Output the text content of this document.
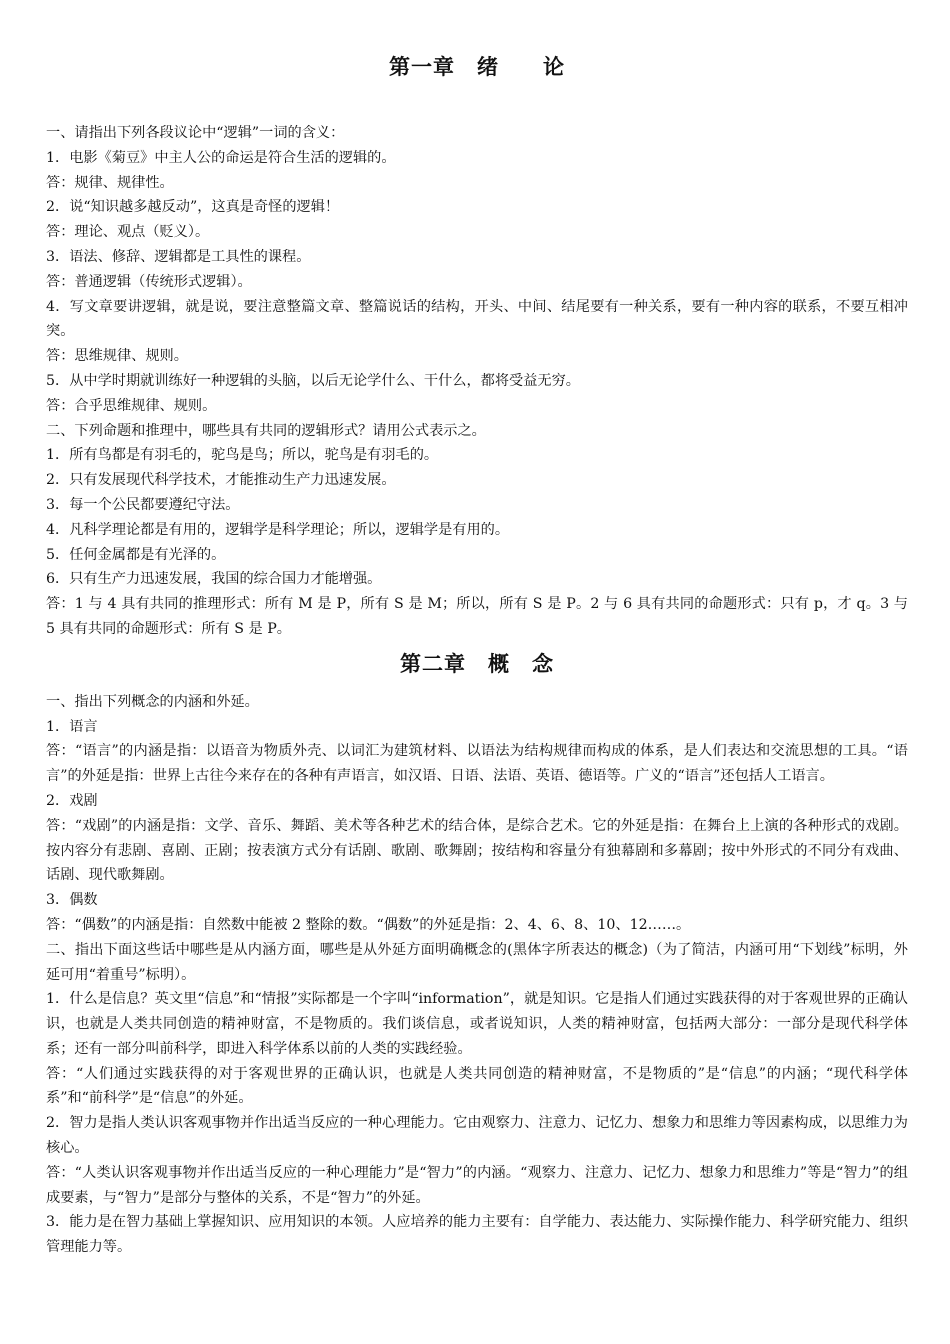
第一章　绪　　论

一、请指出下列各段议论中“逻辑”一词的含义：

1．电影《菊豆》中主人公的命运是符合生活的逻辑的。

答：规律、规律性。

2．说“知识越多越反动”，这真是奇怪的逻辑！

答：理论、观点（贬义）。

3．语法、修辞、逻辑都是工具性的课程。

答：普通逻辑（传统形式逻辑）。

4．写文章要讲逻辑，就是说，要注意整篇文章、整篇说话的结构，开头、中间、结尾要有一种关系，要有一种内容的联系，不要互相冲突。

答：思维规律、规则。

5．从中学时期就训练好一种逻辑的头脑，以后无论学什么、干什么，都将受益无穷。

答：合乎思维规律、规则。

二、下列命题和推理中，哪些具有共同的逻辑形式？请用公式表示之。

1．所有鸟都是有羽毛的，驼鸟是鸟；所以，驼鸟是有羽毛的。

2．只有发展现代科学技术，才能推动生产力迅速发展。

3．每一个公民都要遵纪守法。

4．凡科学理论都是有用的，逻辑学是科学理论；所以，逻辑学是有用的。

5．任何金属都是有光泽的。

6．只有生产力迅速发展，我国的综合国力才能增强。

答：1 与 4 具有共同的推理形式：所有 M 是 P，所有 S 是 M；所以，所有 S 是 P。2 与 6 具有共同的命题形式：只有 p，才 q。3 与 5 具有共同的命题形式：所有 S 是 P。

第二章　概　念

一、指出下列概念的内涵和外延。

1．语言

答：“语言”的内涵是指：以语音为物质外壳、以词汇为建筑材料、以语法为结构规律而构成的体系，是人们表达和交流思想的工具。“语言”的外延是指：世界上古往今来存在的各种有声语言，如汉语、日语、法语、英语、德语等。广义的“语言”还包括人工语言。

2．戏剧

答：“戏剧”的内涵是指：文学、音乐、舞蹈、美术等各种艺术的结合体，是综合艺术。它的外延是指：在舞台上上演的各种形式的戏剧。按内容分有悲剧、喜剧、正剧；按表演方式分有话剧、歌剧、歌舞剧；按结构和容量分有独幕剧和多幕剧；按中外形式的不同分有戏曲、话剧、现代歌舞剧。

3．偶数

答：“偶数”的内涵是指：自然数中能被 2 整除的数。“偶数”的外延是指：2、4、6、8、10、12……。

二、指出下面这些话中哪些是从内涵方面，哪些是从外延方面明确概念的(黑体字所表达的概念)（为了简洁，内涵可用“下划线”标明，外延可用“着重号”标明）。

1．什么是信息？英文里“信息”和“情报”实际都是一个字叫“information”，就是知识。它是指人们通过实践获得的对于客观世界的正确认识，也就是人类共同创造的精神财富，不是物质的。我们谈信息，或者说知识，人类的精神财富，包括两大部分：一部分是现代科学体系；还有一部分叫前科学，即进入科学体系以前的人类的实践经验。

答：“人们通过实践获得的对于客观世界的正确认识，也就是人类共同创造的精神财富，不是物质的”是“信息”的内涵；“现代科学体系”和“前科学”是“信息”的外延。

2．智力是指人类认识客观事物并作出适当反应的一种心理能力。它由观察力、注意力、记忆力、想象力和思维力等因素构成，以思维力为核心。

答：“人类认识客观事物并作出适当反应的一种心理能力”是“智力”的内涵。“观察力、注意力、记忆力、想象力和思维力”等是“智力”的组成要素，与“智力”是部分与整体的关系，不是“智力”的外延。

3．能力是在智力基础上掌握知识、应用知识的本领。人应培养的能力主要有：自学能力、表达能力、实际操作能力、科学研究能力、组织管理能力等。
